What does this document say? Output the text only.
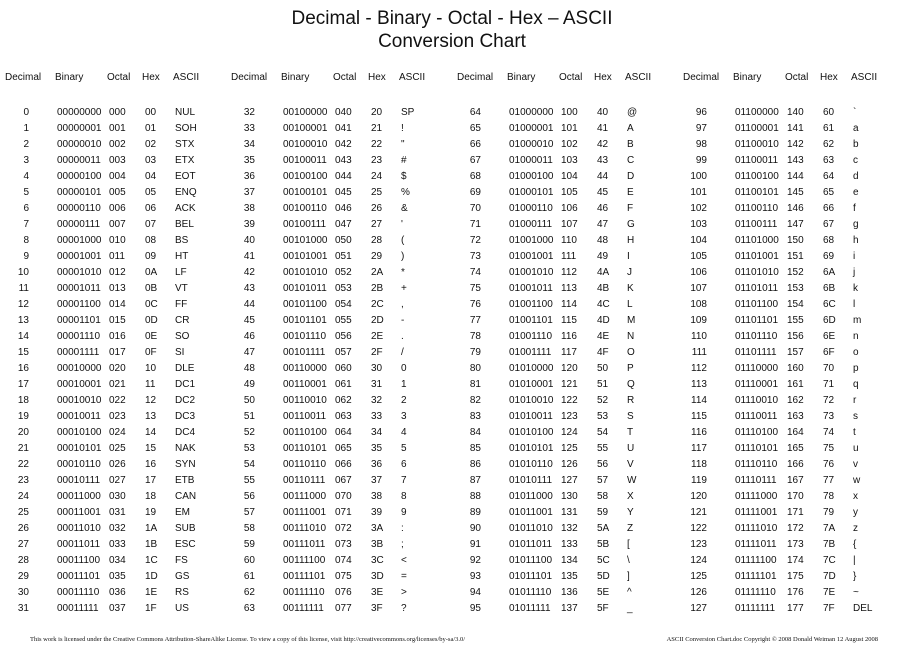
Decimal - Binary - Octal - Hex – ASCII
Conversion Chart
Decimal Binary Octal Hex ASCII
0	00000000 000 00 NUL
1	00000001 001 01 SOH
2	00000010 002 02 STX
3	00000011 003 03 ETX
4	00000100 004 04 EOT
5	00000101 005 05 ENQ
6	00000110 006 06 ACK
7	00000111 007 07 BEL
8	00001000 010 08 BS
9	00001001 011 09 HT
10	00001010 012 0A LF
11	00001011 013 0B VT
12	00001100 014 0C FF
13	00001101 015 0D CR
14	00001110 016 0E SO
15	00001111 017 0F SI
16	00010000 020 10 DLE
17	00010001 021 11 DC1
18	00010010 022 12 DC2
19	00010011 023 13 DC3
20	00010100 024 14 DC4
21	00010101 025 15 NAK
22	00010110 026 16 SYN
23	00010111 027 17 ETB
24	00011000 030 18 CAN
25	00011001 031 19 EM
26	00011010 032 1A SUB
27	00011011 033 1B ESC
28	00011100 034 1C FS
29	00011101 035 1D GS
30	00011110 036 1E RS
31	00011111 037 1F US
Decimal Binary Octal Hex ASCII
32	00100000 040 20 SP
33	00100001 041 21 !
34	00100010 042 22 "
35	00100011 043 23 #
36	00100100 044 24 $
37	00100101 045 25 %
38	00100110 046 26 &
39	00100111 047 27 '
40	00101000 050 28 (
41	00101001 051 29 )
42	00101010 052 2A *
43	00101011 053 2B +
44	00101100 054 2C ,
45	00101101 055 2D -
46	00101110 056 2E .
47	00101111 057 2F /
48	00110000 060 30 0
49	00110001 061 31 1
50	00110010 062 32 2
51	00110011 063 33 3
52	00110100 064 34 4
53	00110101 065 35 5
54	00110110 066 36 6
55	00110111 067 37 7
56	00111000 070 38 8
57	00111001 071 39 9
58	00111010 072 3A :
59	00111011 073 3B ;
60	00111100 074 3C <
61	00111101 075 3D =
62	00111110 076 3E >
63	00111111 077 3F ?
Decimal Binary Octal Hex ASCII
64	01000000 100 40 @
65	01000001 101 41 A
66	01000010 102 42 B
67	01000011 103 43 C
68	01000100 104 44 D
69	01000101 105 45 E
70	01000110 106 46 F
71	01000111 107 47 G
72	01001000 110 48 H
73	01001001 111 49 I
74	01001010 112 4A J
75	01001011 113 4B K
76	01001100 114 4C L
77	01001101 115 4D M
78	01001110 116 4E N
79	01001111 117 4F O
80	01010000 120 50 P
81	01010001 121 51 Q
82	01010010 122 52 R
83	01010011 123 53 S
84	01010100 124 54 T
85	01010101 125 55 U
86	01010110 126 56 V
87	01010111 127 57 W
88	01011000 130 58 X
89	01011001 131 59 Y
90	01011010 132 5A Z
91	01011011 133 5B [
92	01011100 134 5C \
93	01011101 135 5D ]
94	01011110 136 5E ^
95	01011111 137 5F _
Decimal Binary Octal Hex ASCII
96	01100000 140 60 `
97	01100001 141 61 a
98	01100010 142 62 b
99	01100011 143 63 c
100	01100100 144 64 d
101	01100101 145 65 e
102	01100110 146 66 f
103	01100111 147 67 g
104	01101000 150 68 h
105	01101001 151 69 i
106	01101010 152 6A j
107	01101011 153 6B k
108	01101100 154 6C l
109	01101101 155 6D m
110	01101110 156 6E n
111	01101111 157 6F o
112	01110000 160 70 p
113	01110001 161 71 q
114	01110010 162 72 r
115	01110011 163 73 s
116	01110100 164 74 t
117	01110101 165 75 u
118	01110110 166 76 v
119	01110111 167 77 w
120	01111000 170 78 x
121	01111001 171 79 y
122	01111010 172 7A z
123	01111011 173 7B {
124	01111100 174 7C |
125	01111101 175 7D }
126	01111110 176 7E ~
127	01111111 177 7F DEL
This work is licensed under the Creative Commons Attribution-ShareAlike License. To view a copy of this license, visit http://creativecommons.org/licenses/by-sa/3.0/	ASCII Conversion Chart.doc Copyright © 2008 Donald Weiman 12 August 2008
